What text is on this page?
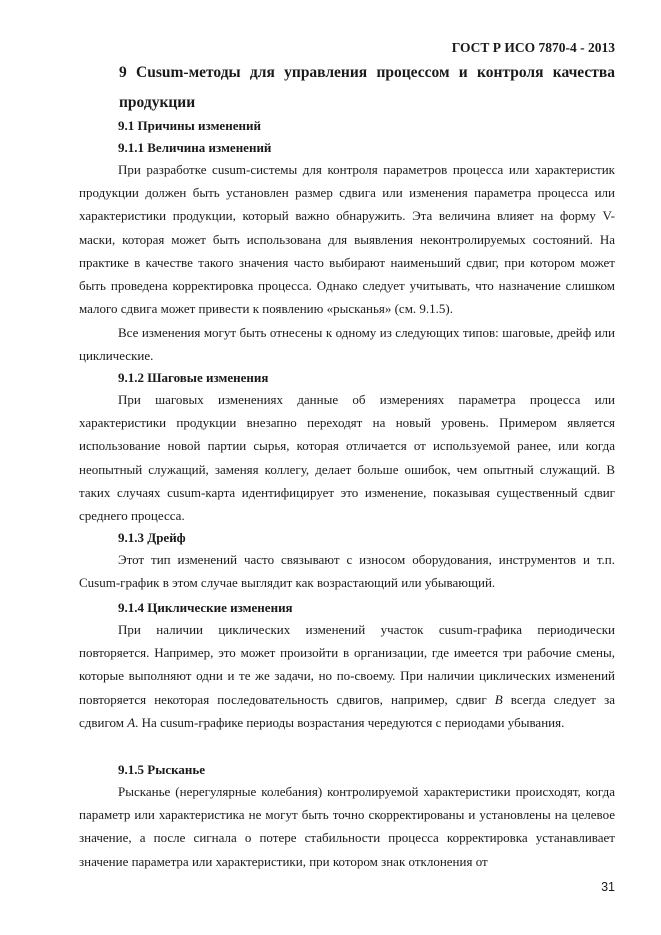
ГОСТ Р ИСО 7870-4 - 2013
9 Cusum-методы для управления процессом и контроля качества продукции
9.1 Причины изменений
9.1.1 Величина изменений

При разработке cusum-системы для контроля параметров процесса или характеристик продукции должен быть установлен размер сдвига или изменения параметра процесса или характеристики продукции, который важно обнаружить. Эта величина влияет на форму V-маски, которая может быть использована для выявления неконтролируемых состояний. На практике в качестве такого значения часто выбирают наименьший сдвиг, при котором может быть проведена корректировка процесса. Однако следует учитывать, что назначение слишком малого сдвига может привести к появлению «рысканья» (см. 9.1.5).

Все изменения могут быть отнесены к одному из следующих типов: шаговые, дрейф или циклические.

9.1.2 Шаговые изменения

При шаговых изменениях данные об измерениях параметра процесса или характеристики продукции внезапно переходят на новый уровень. Примером является использование новой партии сырья, которая отличается от используемой ранее, или когда неопытный служащий, заменяя коллегу, делает больше ошибок, чем опытный служащий. В таких случаях cusum-карта идентифицирует это изменение, показывая существенный сдвиг среднего процесса.

9.1.3 Дрейф

Этот тип изменений часто связывают с износом оборудования, инструментов и т.п. Cusum-график в этом случае выглядит как возрастающий или убывающий.

9.1.4 Циклические изменения

При наличии циклических изменений участок cusum-графика периодически повторяется. Например, это может произойти в организации, где имеется три рабочие смены, которые выполняют одни и те же задачи, но по-своему. При наличии циклических изменений повторяется некоторая последовательность сдвигов, например, сдвиг B всегда следует за сдвигом A. На cusum-графике периоды возрастания чередуются с периодами убывания.

9.1.5 Рысканье

Рысканье (нерегулярные колебания) контролируемой характеристики происходят, когда параметр или характеристика не могут быть точно скорректированы и установлены на целевое значение, а после сигнала о потере стабильности процесса корректировка устанавливает значение параметра или характеристики, при котором знак отклонения от

31
